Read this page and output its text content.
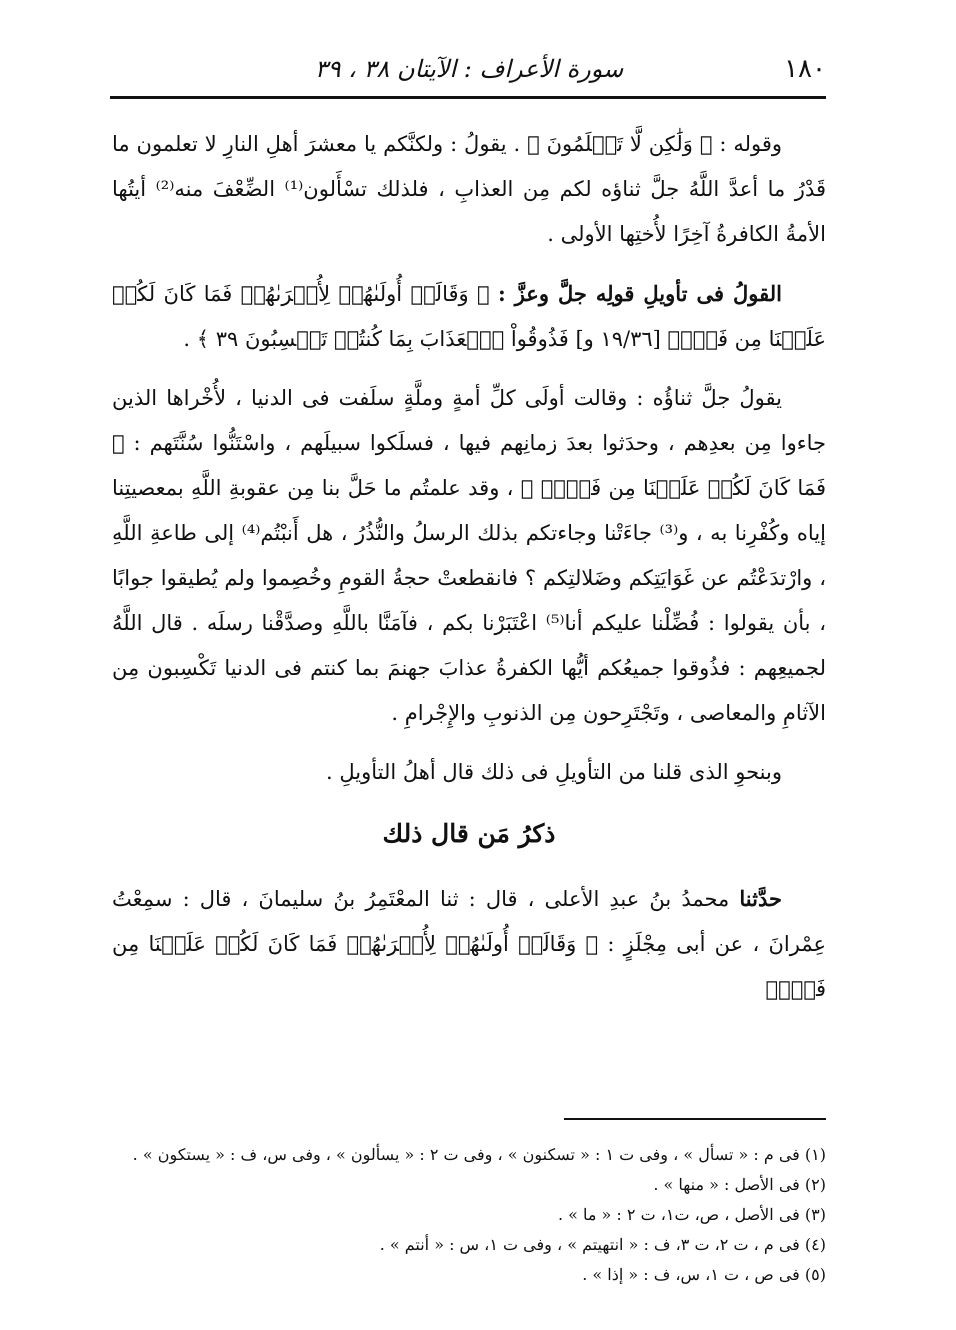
١٨٠
سورة الأعراف : الآيتان ٣٨ ، ٣٩

وقوله : ﴿ وَلَٰكِن لَّا تَعۡلَمُونَ ﴾ . يقولُ : ولكنَّكم يا معشرَ أهلِ النارِ لا تعلمون ما قَدْرُ ما أعدَّ اللَّهُ جلَّ ثناؤه لكم مِن العذابِ ، فلذلك تسْأَلون⁽¹⁾ الضِّعْفَ منه⁽²⁾ أيتُها الأمةُ الكافرةُ آخِرًا لأُختِها الأولى .

القولُ فى تأويلِ قولِه جلَّ وعزَّ : ﴿ وَقَالَتۡ أُولَىٰهُمۡ لِأُخۡرَىٰهُمۡ فَمَا كَانَ لَكُمۡ عَلَيۡنَا مِن فَضۡلٖ [١٩/٣٦ و] فَذُوقُواْ ٱلۡعَذَابَ بِمَا كُنتُمۡ تَكۡسِبُونَ ٣٩ ﴾ .

يقولُ جلَّ ثناؤُه : وقالت أولَى كلِّ أمةٍ وملَّةٍ سلَفت فى الدنيا ، لأُخْراها الذين جاءوا مِن بعدِهم ، وحدَثوا بعدَ زمانِهم فيها ، فسلَكوا سبيلَهم ، واسْتَنُّوا سُنَّتَهم : ﴿ فَمَا كَانَ لَكُمۡ عَلَيۡنَا مِن فَضۡلٖ ﴾ ، وقد علمتُم ما حَلَّ بنا مِن عقوبةِ اللَّهِ بمعصيتِنا إياه وكُفْرِنا به ، و⁽³⁾ جاءَتْنا وجاءتكم بذلك الرسلُ والنُّذُرُ ، هل أَنبْتُم⁽⁴⁾ إلى طاعةِ اللَّهِ ، وارْتدَعْتُم عن غَوَايَتِكم وضَلالتِكم ؟ فانقطعتْ حجةُ القومِ وخُصِموا ولم يُطيقوا جوابًا ، بأن يقولوا : فُضِّلْنا عليكم أنا⁽⁵⁾ اعْتَبَرْنا بكم ، فآمَنَّا باللَّهِ وصدَّقْنا رسلَه . قال اللَّهُ لجميعِهم : فذُوقوا جميعُكم أيُّها الكفرةُ عذابَ جهنمَ بما كنتم فى الدنيا تَكْسِبون مِن الآثامِ والمعاصى ، وتَجْتَرِحون مِن الذنوبِ والإِجْرامِ .

وبنحوِ الذى قلنا من التأويلِ فى ذلك قال أهلُ التأويلِ .

ذكرُ مَن قال ذلك

حدَّثنا محمدُ بنُ عبدِ الأعلى ، قال : ثنا المعْتَمِرُ بنُ سليمانَ ، قال : سمِعْتُ عِمْرانَ ، عن أبى مِجْلَزٍ : ﴿ وَقَالَتۡ أُولَىٰهُمۡ لِأُخۡرَىٰهُمۡ فَمَا كَانَ لَكُمۡ عَلَيۡنَا مِن فَضۡلٖ

(١) فى م : « تسأل » ، وفى ت ١ : « تسكنون » ، وفى ت ٢ : « يسألون » ، وفى س، ف : « يستكون » .

(٢) فى الأصل : « منها » .

(٣) فى الأصل ، ص، ت١، ت ٢ : « ما » .

(٤) فى م ، ت ٢، ت ٣، ف : « انتهيتم » ، وفى ت ١، س : « أنتم » .

(٥) فى ص ، ت ١، س، ف : « إذا » .
